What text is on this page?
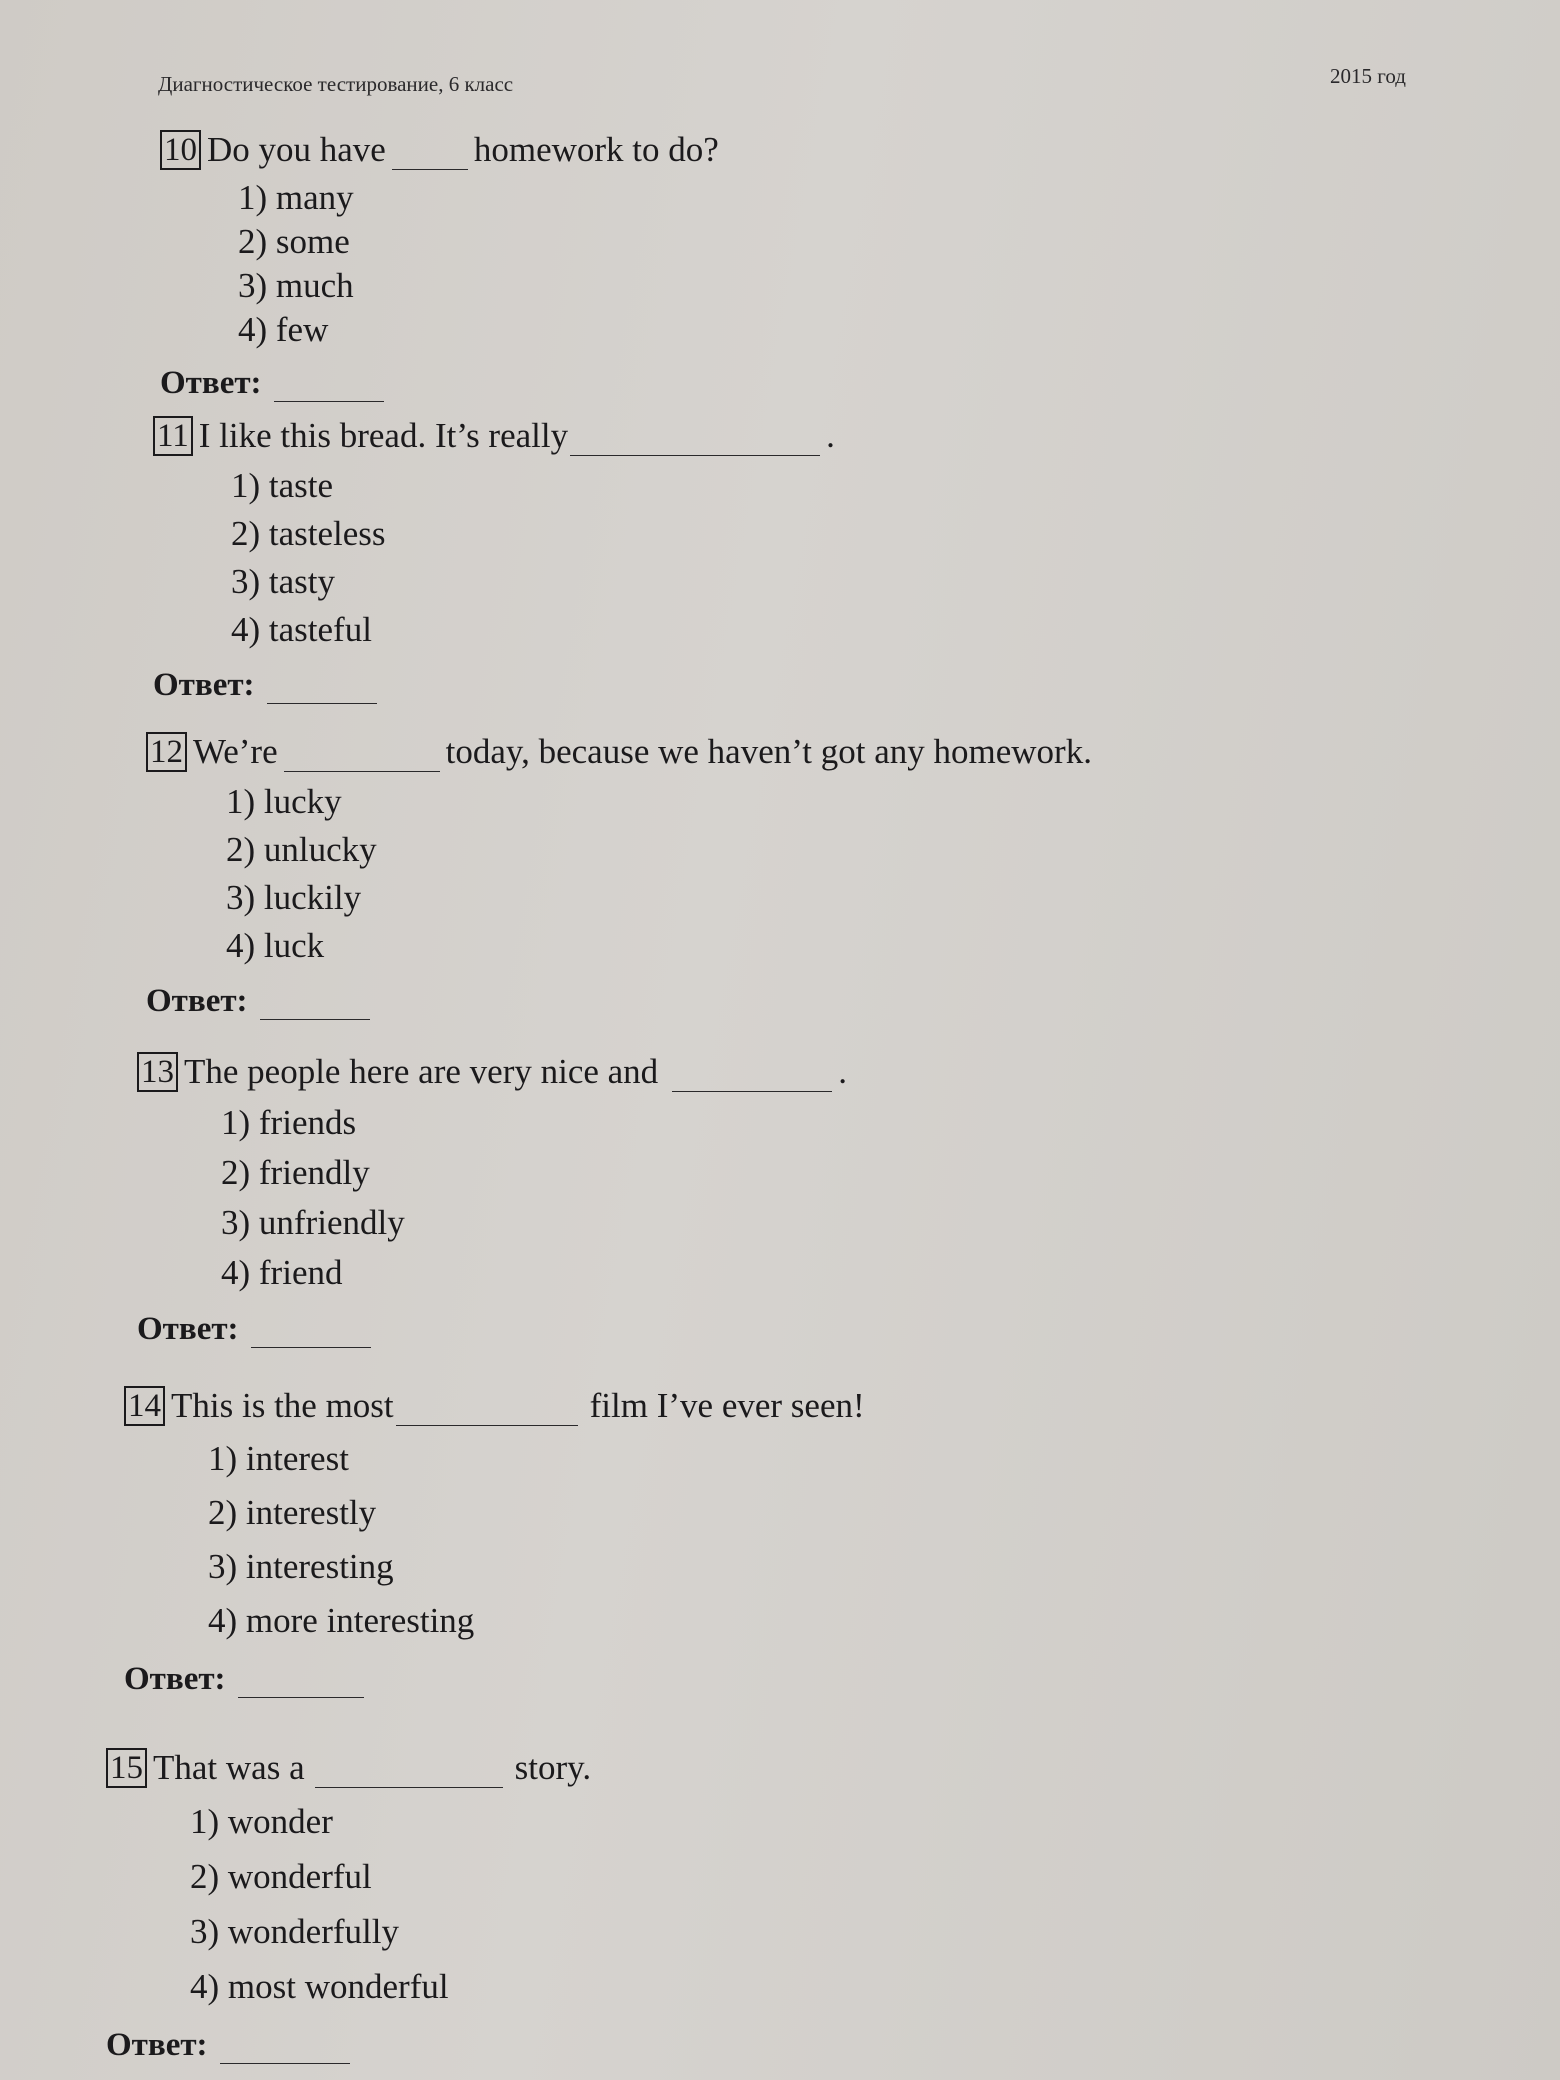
Диагностическое тестирование, 6 класс	2015 год
10 Do you have	homework to do?
1) many
2) some
3) much
4) few
Ответ:
11 I like this bread. It’s really	.
1) taste
2) tasteless
3) tasty
4) tasteful
Ответ:
12 We’re	today, because we haven’t got any homework.
1) lucky
2) unlucky
3) luckily
4) luck
Ответ:
13 The people here are very nice and	.
1) friends
2) friendly
3) unfriendly
4) friend
Ответ:
14 This is the most	film I’ve ever seen!
1) interest
2) interestly
3) interesting
4) more interesting
Ответ:
15 That was a	story.
1) wonder
2) wonderful
3) wonderfully
4) most wonderful
Ответ:
